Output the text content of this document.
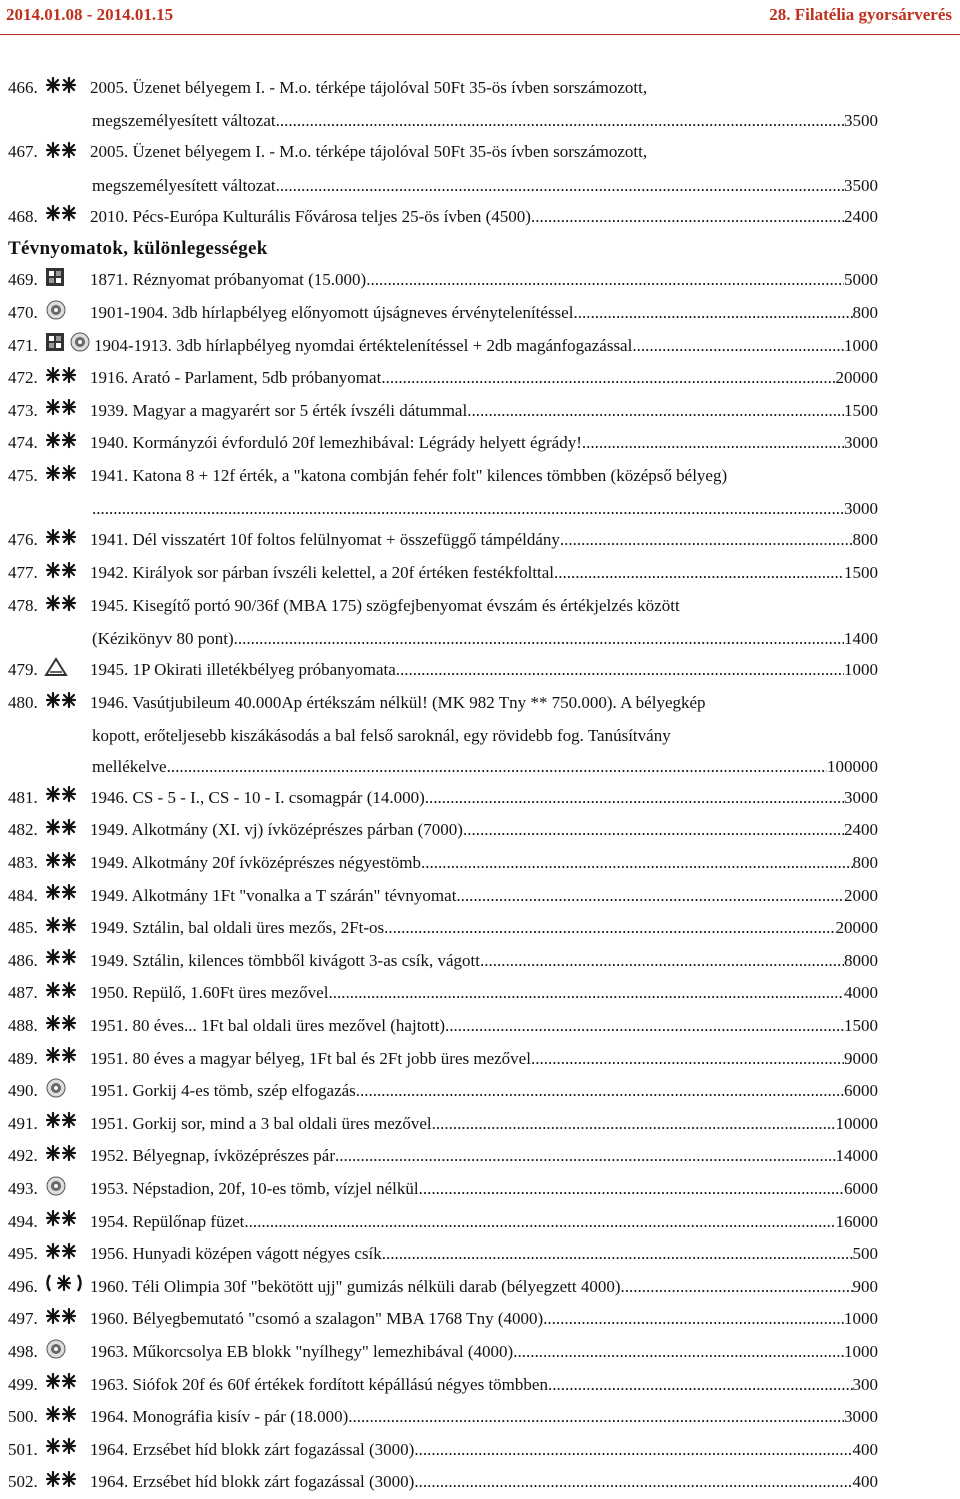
2014.01.08 - 2014.01.15	28. Filatélia gyorsárverés
466.	2005. Üzenet bélyegem I. - M.o. térképe tájolóval 50Ft 35-ös ívben sorszámozott,
megszemélyesített változat .....	3500
467.	2005. Üzenet bélyegem I. - M.o. térképe tájolóval 50Ft 35-ös ívben sorszámozott,
megszemélyesített változat .....	3500
468.	2010. Pécs-Európa Kulturális Fővárosa teljes 25-ös ívben (4500) .....	2400
Tévnyomatok, különlegességek
469.	1871. Réznyomat próbanyomat (15.000) .....	5000
470.	1901-1904. 3db hírlapbélyeg előnyomott újságneves érvénytelenítéssel .....	800
471.	1904-1913. 3db hírlapbélyeg nyomdai értéktelenítéssel + 2db magánfogazással .....	1000
472.	1916. Arató - Parlament, 5db próbanyomat .....	20000
473.	1939. Magyar a magyarért sor 5 érték ívszéli dátummal .....	1500
474.	1940. Kormányzói évforduló 20f lemezhibával: Légrády helyett égrády! .....	3000
475.	1941. Katona 8 + 12f érték, a "katona combján fehér folt" kilences tömbben (középső bélyeg)
. .....	3000
476.	1941. Dél visszatért 10f foltos felülnyomat + összefüggő támpéldány .....	800
477.	1942. Királyok sor párban ívszéli kelettel, a 20f értéken festékfolttal .....	1500
478.	1945. Kisegítő portó 90/36f (MBA 175) szögfejbenyomat évszám és értékjelzés között
(Kézikönyv 80 pont) .....	1400
479.	1945. 1P Okirati illetékbélyeg próbanyomata .....	1000
480.	1946. Vasútjubileum 40.000Ap értékszám nélkül! (MK 982 Tny ** 750.000). A bélyegkép
kopott, erőteljesebb kiszákásodás a bal felső saroknál, egy rövidebb fog. Tanúsítvány
mellékelve. .....	100000
481.	1946. CS - 5 - I., CS - 10 - I. csomagpár (14.000) .....	3000
482.	1949. Alkotmány (XI. vj) ívközéprészes párban (7000) .....	2400
483.	1949. Alkotmány 20f ívközéprészes négyestömb .....	800
484.	1949. Alkotmány 1Ft "vonalka a T szárán" tévnyomat .....	2000
485.	1949. Sztálin, bal oldali üres mezős, 2Ft-os .....	20000
486.	1949. Sztálin, kilences tömbből kivágott 3-as csík, vágott .....	8000
487.	1950. Repülő, 1.60Ft üres mezővel .....	4000
488.	1951. 80 éves... 1Ft bal oldali üres mezővel (hajtott) .....	1500
489.	1951. 80 éves a magyar bélyeg, 1Ft bal és 2Ft jobb üres mezővel .....	9000
490.	1951. Gorkij 4-es tömb, szép elfogazás .....	6000
491.	1951. Gorkij sor, mind a 3 bal oldali üres mezővel .....	10000
492.	1952. Bélyegnap, ívközéprészes pár .....	14000
493.	1953. Népstadion, 20f, 10-es tömb, vízjel nélkül .....	6000
494.	1954. Repülőnap füzet .....	16000
495.	1956. Hunyadi középen vágott négyes csík .....	500
496.	1960. Téli Olimpia 30f "bekötött ujj" gumizás nélküli darab (bélyegzett 4000) .....	900
497.	1960. Bélyegbemutató "csomó a szalagon" MBA 1768 Tny (4000) .....	1000
498.	1963. Műkorcsolya EB blokk "nyílhegy" lemezhibával (4000) .....	1000
499.	1963. Siófok 20f és 60f értékek fordított képállású négyes tömbben .....	300
500.	1964. Monográfia kisív - pár (18.000) .....	3000
501.	1964. Erzsébet híd blokk zárt fogazással (3000) .....	400
502.	1964. Erzsébet híd blokk zárt fogazással (3000) .....	400
